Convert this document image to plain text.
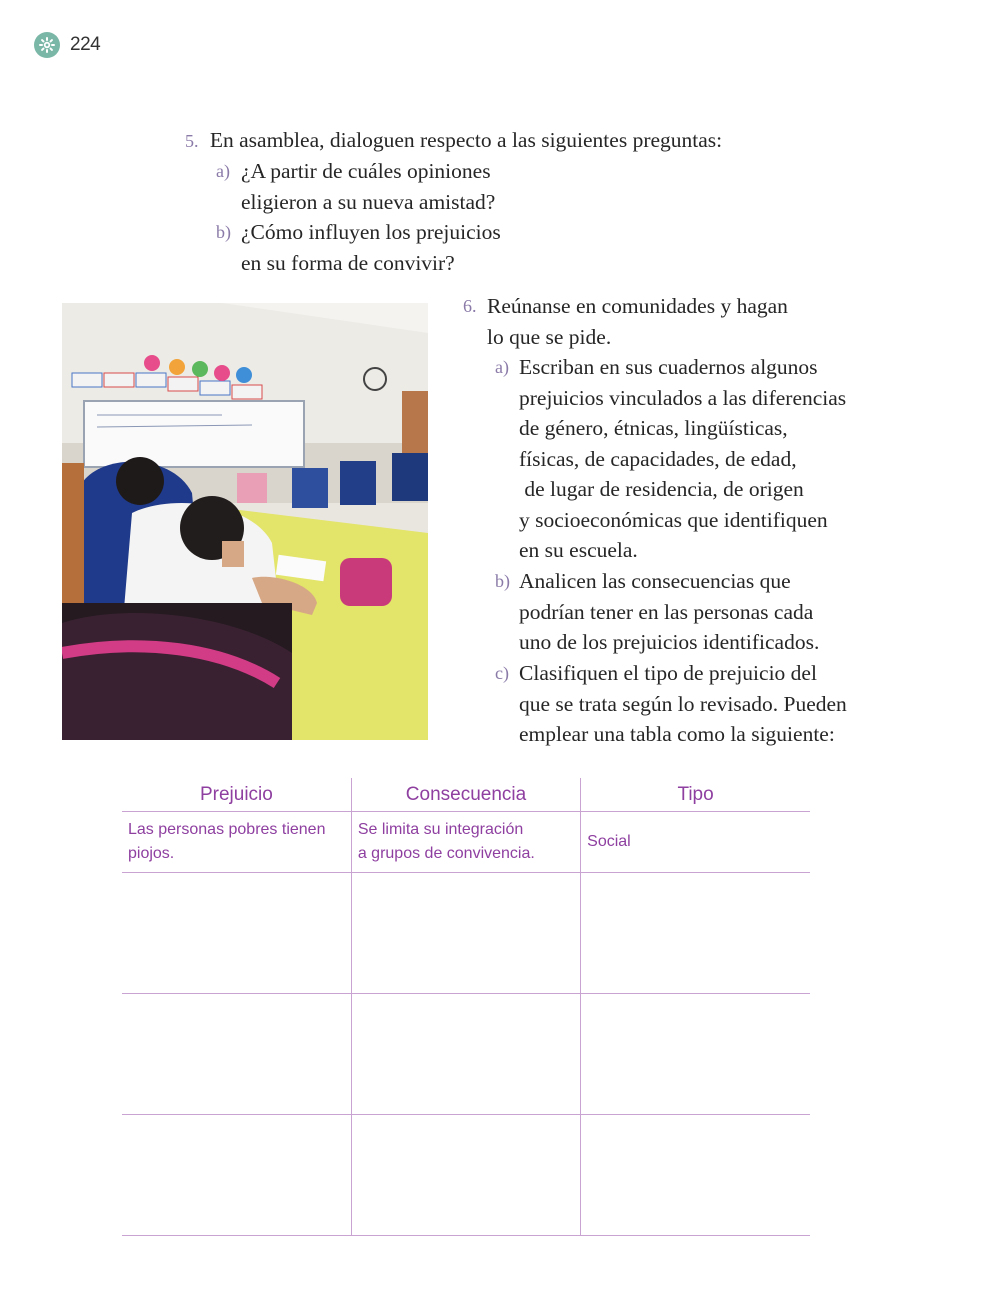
224
5. En asamblea, dialoguen respecto a las siguientes preguntas:
a) ¿A partir de cuáles opiniones
eligieron a su nueva amistad?
b) ¿Cómo influyen los prejuicios
en su forma de convivir?
6. Reúnanse en comunidades y hagan
lo que se pide.
a) Escriban en sus cuadernos algunos
prejuicios vinculados a las diferencias
de género, étnicas, lingüísticas,
físicas, de capacidades, de edad,
de lugar de residencia, de origen
y socioeconómicas que identifiquen
en su escuela.
b) Analicen las consecuencias que
podrían tener en las personas cada
uno de los prejuicios identificados.
c) Clasifiquen el tipo de prejuicio del
que se trata según lo revisado. Pueden
emplear una tabla como la siguiente:
Prejuicio	Consecuencia	Tipo

Las personas pobres tienen
piojos.	Se limita su integración
a grupos de convivencia.	Social
